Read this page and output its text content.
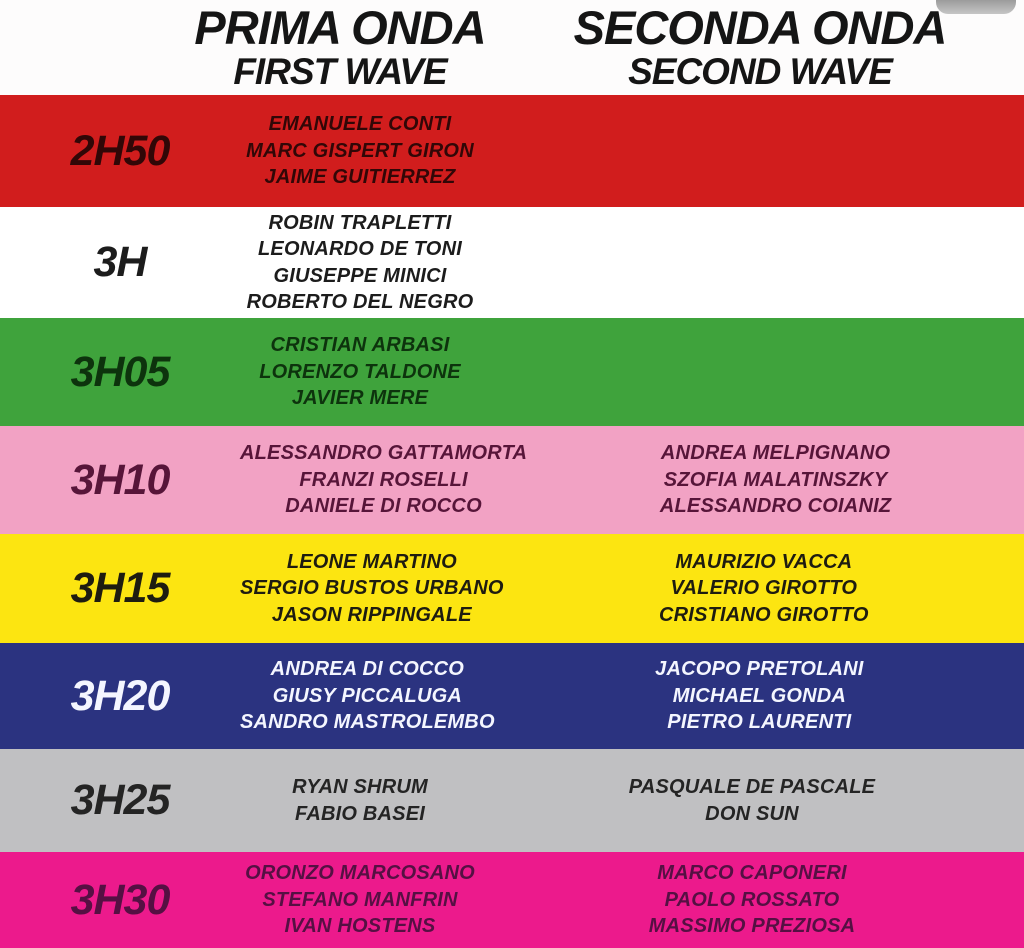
PRIMA ONDA
FIRST WAVE
SECONDA ONDA
SECOND WAVE
2H50
EMANUELE CONTI
MARC GISPERT GIRON
JAIME GUITIERREZ
3H
ROBIN TRAPLETTI
LEONARDO DE TONI
GIUSEPPE MINICI
ROBERTO DEL NEGRO
3H05
CRISTIAN ARBASI
LORENZO TALDONE
JAVIER MERE
3H10
ALESSANDRO GATTAMORTA
FRANZI ROSELLI
DANIELE DI ROCCO
ANDREA MELPIGNANO
SZOFIA MALATINSZKY
ALESSANDRO COIANIZ
3H15
LEONE MARTINO
SERGIO BUSTOS URBANO
JASON RIPPINGALE
MAURIZIO VACCA
VALERIO GIROTTO
CRISTIANO GIROTTO
3H20
ANDREA DI COCCO
GIUSY PICCALUGA
SANDRO MASTROLEMBO
JACOPO PRETOLANI
MICHAEL GONDA
PIETRO LAURENTI
3H25	RYAN SHRUM
FABIO BASEI
PASQUALE DE PASCALE
DON SUN
3H30
ORONZO MARCOSANO
STEFANO MANFRIN
IVAN HOSTENS
MARCO CAPONERI
PAOLO ROSSATO
MASSIMO PREZIOSA
